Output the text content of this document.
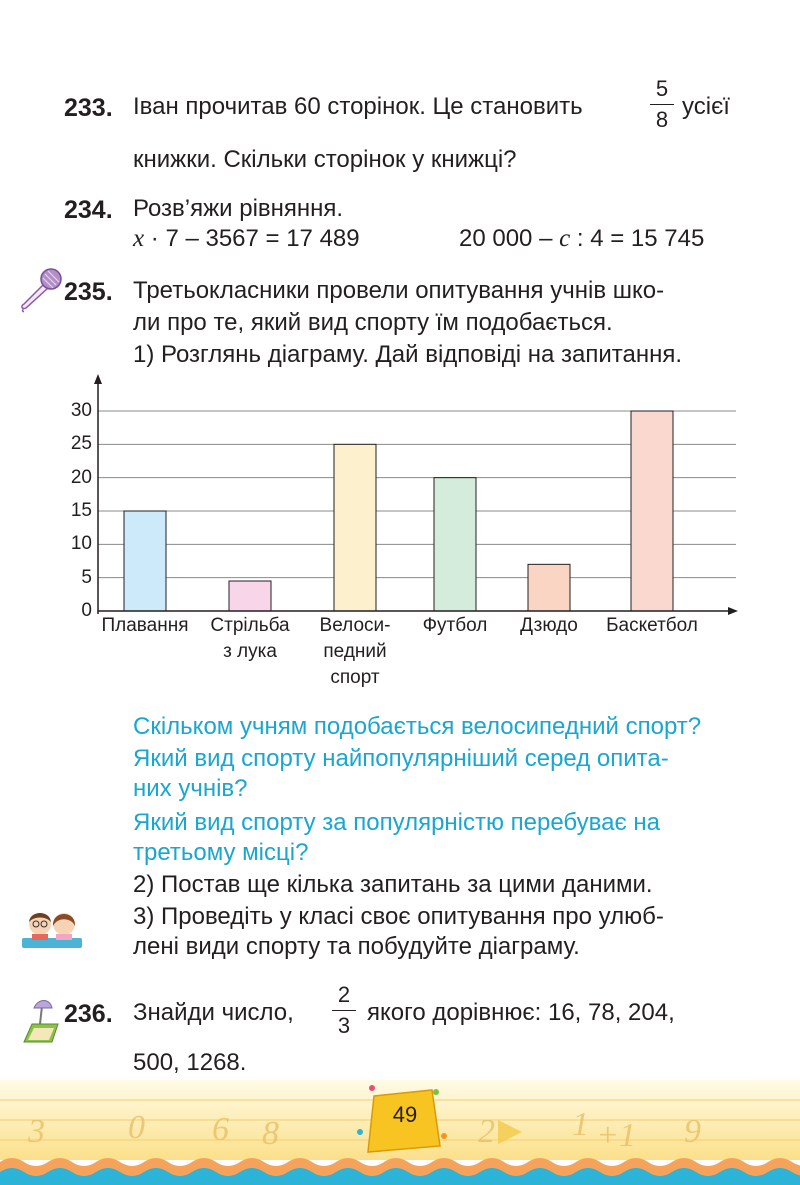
233. Іван прочитав 60 сторінок. Це становить
5
8 усієї
книжки. Скільки сторінок у книжці?
234. Розв’яжи рівняння.
x · 7 – 3567 = 17 489	20 000 – c : 4 = 15 745
235. Третьокласники провели опитування учнів шко-
ли про те, який вид спорту їм подобається.
1) Розглянь діаграму. Дай відповіді на запитання.
0
5
10
15
20
25
30
Плавання	Стрільба
з лука
Велоси-
педний
спорт
Футбол	Дзюдо	Баскетбол
Скільком учням подобається велосипедний спорт?
Який вид спорту найпопулярніший серед опита-
них учнів?
Який вид спорту за популярністю перебуває на
третьому місці?
2) Постав ще кілька запитань за цими даними.
3) Проведіть у класі своє опитування про улюб-
лені види спорту та побудуйте діаграму.
236. Знайди число,
2
3 якого дорівнює: 16, 78, 204,
500, 1268.
3 0 6 8	2 1 +1 9
49
